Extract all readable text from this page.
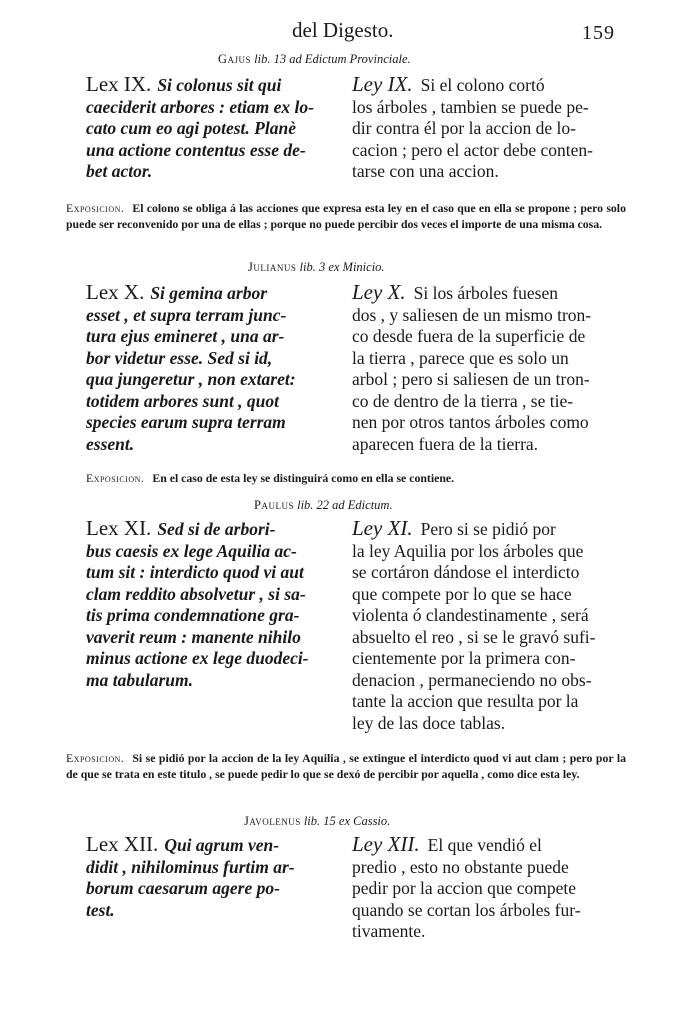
del Digesto.	159
Gajus lib. 13 ad Edictum Provinciale.
Lex IX. Si colonus sit qui
caeciderit arbores : etiam ex lo-
cato cum eo agi potest. Planè
una actione contentus esse de-
bet actor.
Ley IX. Si el colono cortó
los árboles , tambien se puede pe-
dir contra él por la accion de lo-
cacion ; pero el actor debe conten-
tarse con una accion.
Exposicion. El colono se obliga á las acciones que expresa esta ley en el caso que en ella se propone ; pero solo puede ser reconvenido por una de ellas ; porque no puede percibir dos veces el importe de una misma cosa.
Julianus lib. 3 ex Minicio.
Lex X. Si gemina arbor
esset , et supra terram junc-
tura ejus emineret , una ar-
bor videtur esse. Sed si id,
qua jungeretur , non extaret:
totidem arbores sunt , quot
species earum supra terram
essent.
Ley X. Si los árboles fuesen
dos , y saliesen de un mismo tron-
co desde fuera de la superficie de
la tierra , parece que es solo un
arbol ; pero si saliesen de un tron-
co de dentro de la tierra , se tie-
nen por otros tantos árboles como
aparecen fuera de la tierra.
Exposicion. En el caso de esta ley se distinguirá como en ella se contiene.
Paulus lib. 22 ad Edictum.
Lex XI. Sed si de arbori-
bus caesis ex lege Aquilia ac-
tum sit : interdicto quod vi aut
clam reddito absolvetur , si sa-
tis prima condemnatione gra-
vaverit reum : manente nihilo
minus actione ex lege duodeci-
ma tabularum.
Ley XI. Pero si se pidió por
la ley Aquilia por los árboles que
se cortáron dándose el interdicto
que compete por lo que se hace
violenta ó clandestinamente , será
absuelto el reo , si se le gravó sufi-
cientemente por la primera con-
denacion , permaneciendo no obs-
tante la accion que resulta por la
ley de las doce tablas.
Exposicion. Si se pidió por la accion de la ley Aquilia , se extingue el interdicto quod vi aut clam ; pero por la de que se trata en este titulo , se puede pedir lo que se dexó de percibir por aquella , como dice esta ley.
Javolenus lib. 15 ex Cassio.
Lex XII. Qui agrum ven-
didit , nihilominus furtim ar-
borum caesarum agere po-
test.
Ley XII. El que vendió el
predio , esto no obstante puede
pedir por la accion que compete
quando se cortan los árboles fur-
tivamente.
